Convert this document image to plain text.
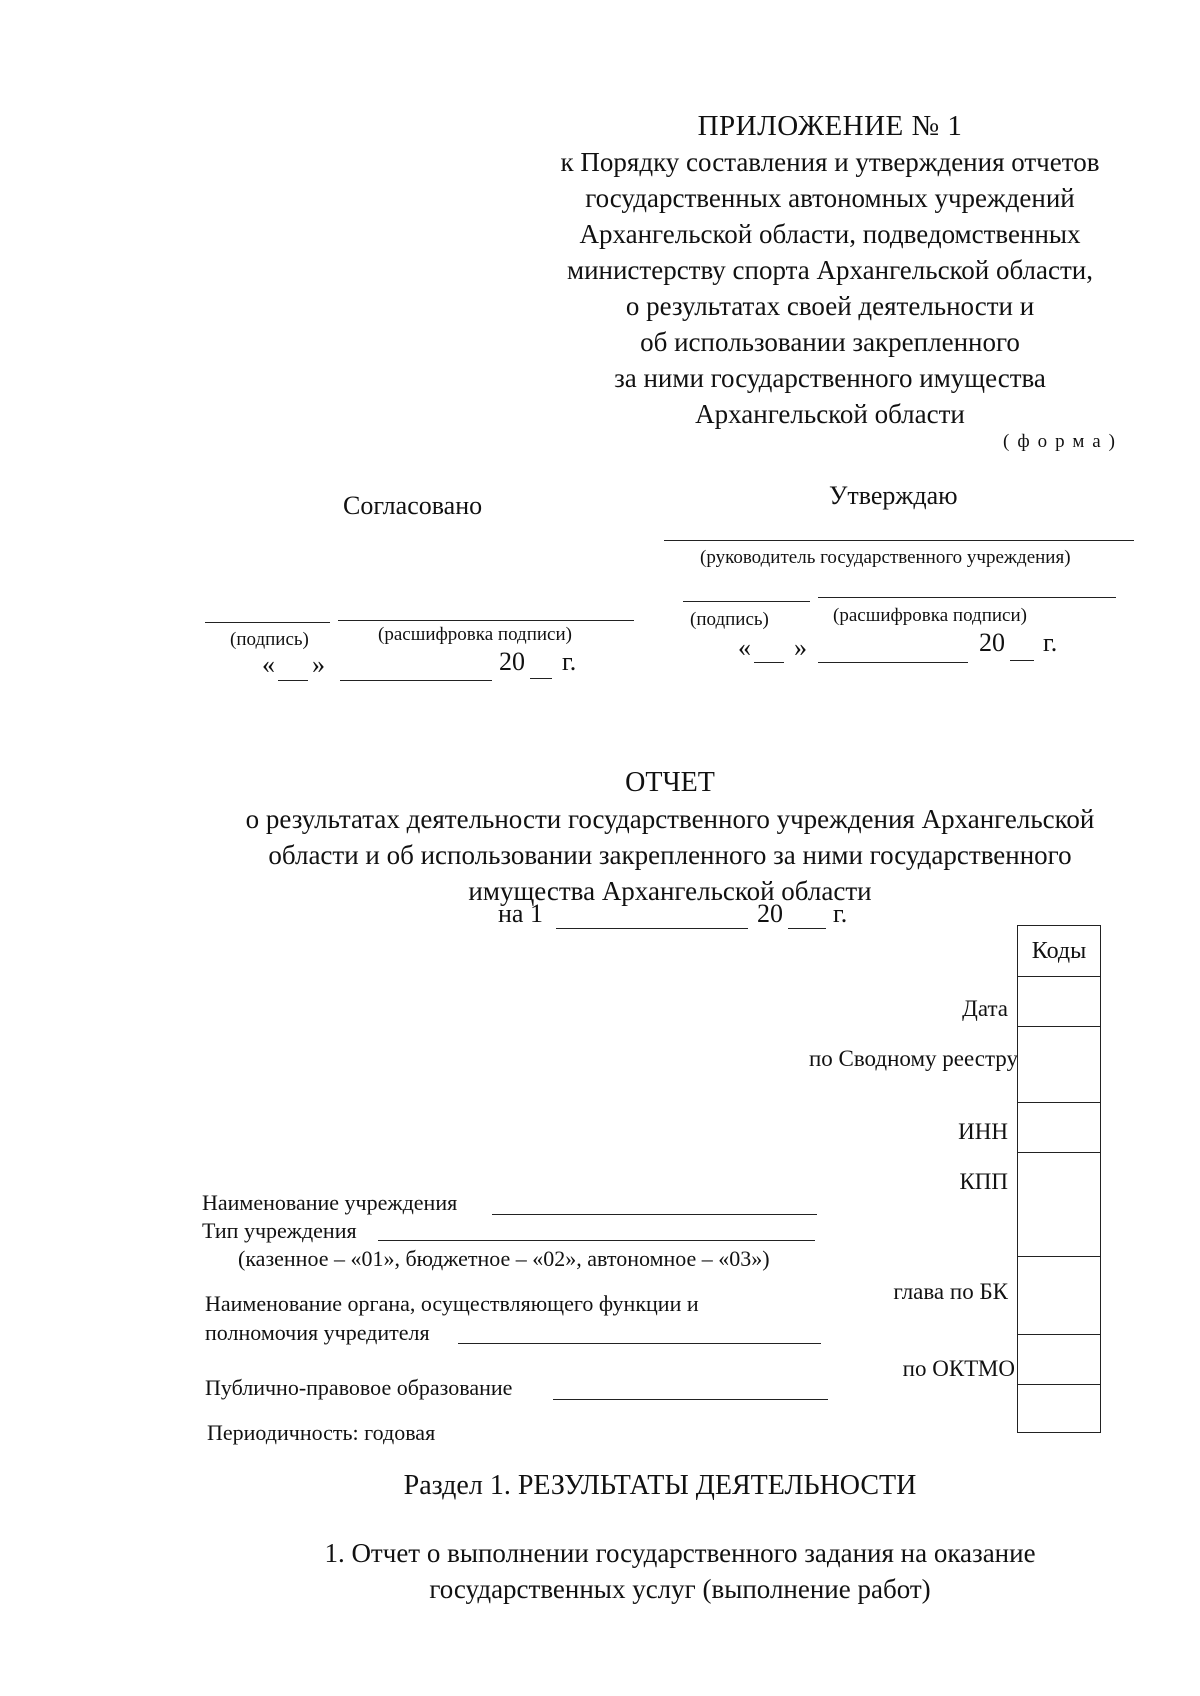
ПРИЛОЖЕНИЕ № 1
к Порядку составления и утверждения отчетов
государственных автономных учреждений
Архангельской области, подведомственных
министерству спорта Архангельской области,
о результатах своей деятельности и
об использовании закрепленного
за ними государственного имущества
Архангельской области
(форма)
Согласовано
(подпись)	(расшифровка подписи)
« »	20 г.
Утверждаю
(руководитель государственного учреждения)
(подпись)	(расшифровка подписи)
« »	20 г.
ОТЧЕТ
о результатах деятельности государственного учреждения Архангельской
области и об использовании закрепленного за ними государственного
имущества Архангельской области
на 1	20 г.
Коды
Дата
по Сводному реестру
ИНН
КПП
глава по БК
по ОКТМО
Наименование учреждения
Тип учреждения
(казенное – «01», бюджетное – «02», автономное – «03»)
Наименование органа, осуществляющего функции и
полномочия учредителя
Публично-правовое образование
Периодичность: годовая
Раздел 1. РЕЗУЛЬТАТЫ ДЕЯТЕЛЬНОСТИ
1. Отчет о выполнении государственного задания на оказание
государственных услуг (выполнение работ)
